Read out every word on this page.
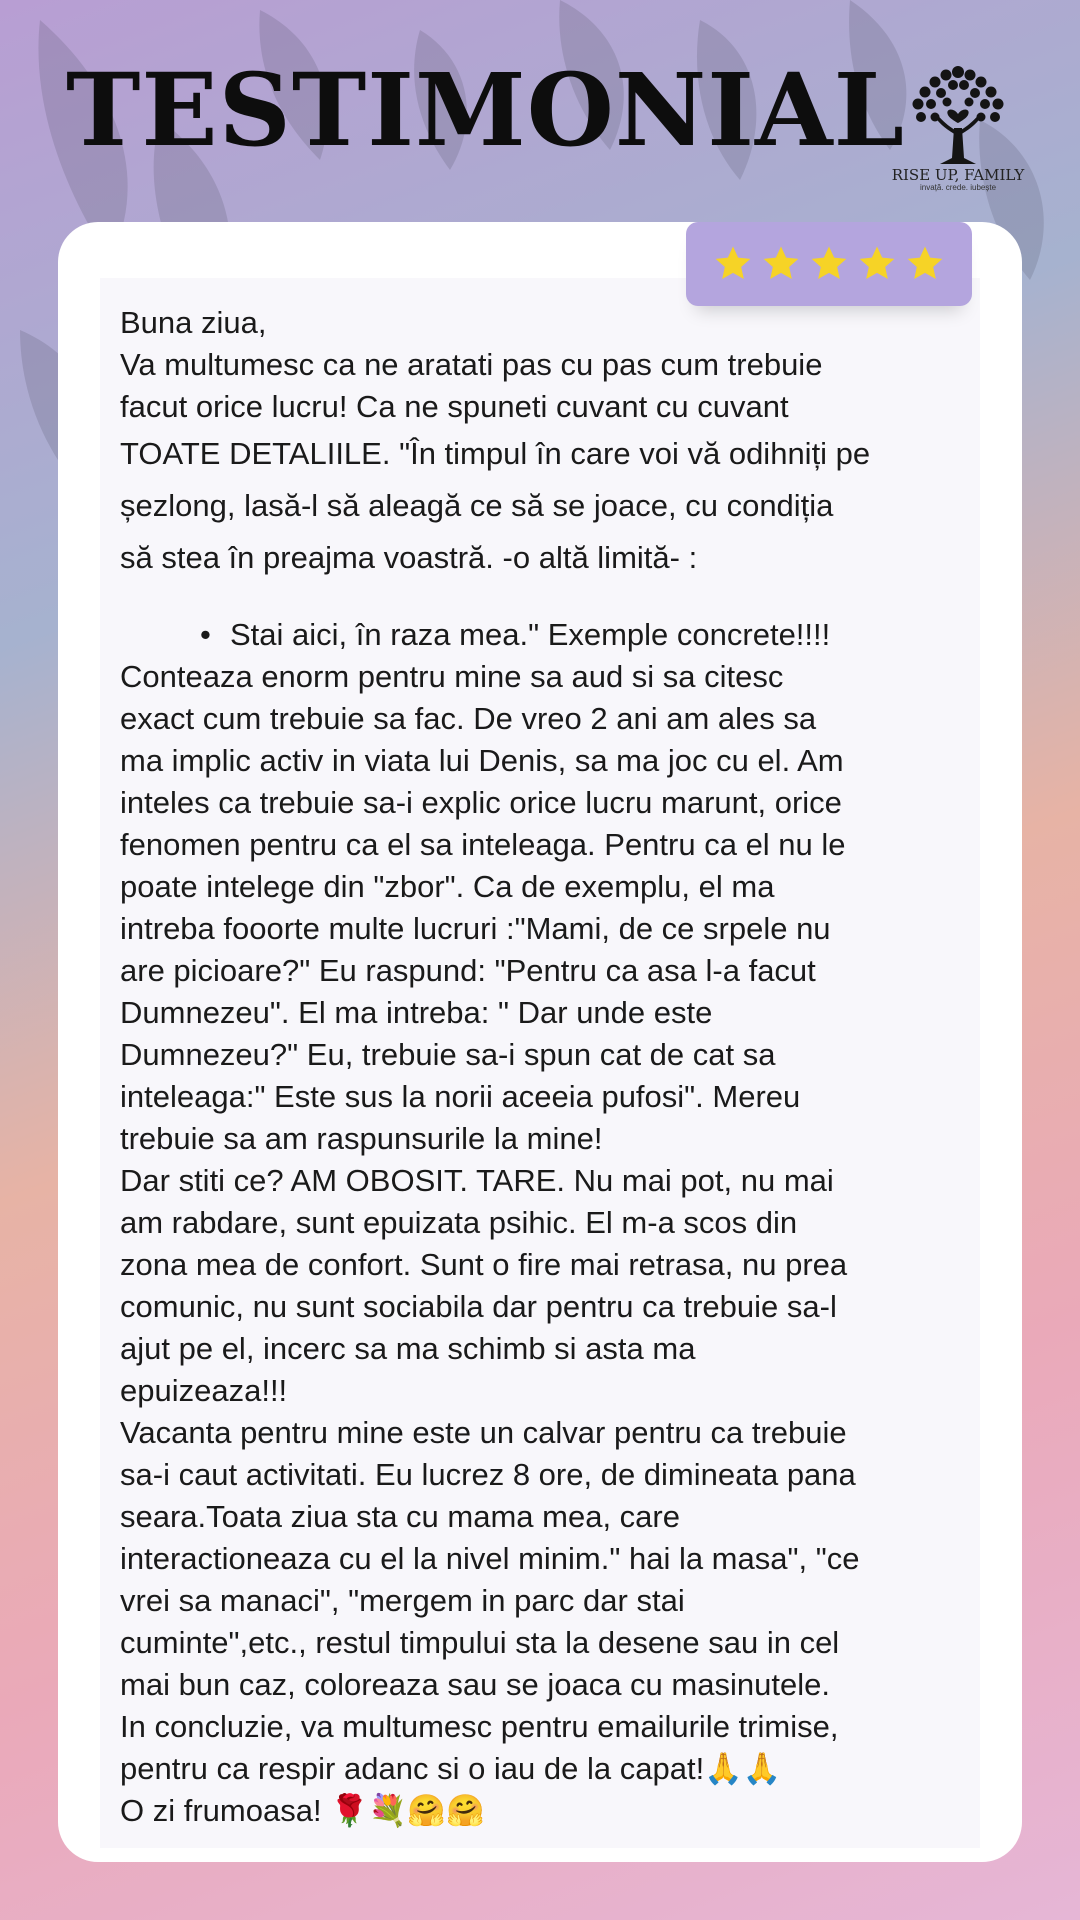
TESTIMONIAL
RISE UP, FAMILY
invață. crede. iubește

Buna ziua,

Va multumesc ca ne aratati pas cu pas cum trebuie

facut orice lucru! Ca ne spuneti cuvant cu cuvant

TOATE DETALIILE. "În timpul în care voi vă odihniți pe

șezlong, lasă-l să aleagă ce să se joace, cu condiția

să stea în preajma voastră. -o altă limită- :

• Stai aici, în raza mea." Exemple concrete!!!!

Conteaza enorm pentru mine sa aud si sa citesc

exact cum trebuie sa fac. De vreo 2 ani am ales sa

ma implic activ in viata lui Denis, sa ma joc cu el. Am

inteles ca trebuie sa-i explic orice lucru marunt, orice

fenomen pentru ca el sa inteleaga. Pentru ca el nu le

poate intelege din "zbor". Ca de exemplu, el ma

intreba fooorte multe lucruri :"Mami, de ce srpele nu

are picioare?" Eu raspund: "Pentru ca asa l-a facut

Dumnezeu". El ma intreba: " Dar unde este

Dumnezeu?" Eu, trebuie sa-i spun cat de cat sa

inteleaga:" Este sus la norii aceeia pufosi". Mereu

trebuie sa am raspunsurile la mine!

Dar stiti ce? AM OBOSIT. TARE. Nu mai pot, nu mai

am rabdare, sunt epuizata psihic. El m-a scos din

zona mea de confort. Sunt o fire mai retrasa, nu prea

comunic, nu sunt sociabila dar pentru ca trebuie sa-l

ajut pe el, incerc sa ma schimb si asta ma

epuizeaza!!!

Vacanta pentru mine este un calvar pentru ca trebuie

sa-i caut activitati. Eu lucrez 8 ore, de dimineata pana

seara.Toata ziua sta cu mama mea, care

interactioneaza cu el la nivel minim." hai la masa", "ce

vrei sa manaci", "mergem in parc dar stai

cuminte",etc., restul timpului sta la desene sau in cel

mai bun caz, coloreaza sau se joaca cu masinutele.

In concluzie, va multumesc pentru emailurile trimise,

pentru ca respir adanc si o iau de la capat!🙏🙏

O zi frumoasa! 🌹💐🤗🤗
